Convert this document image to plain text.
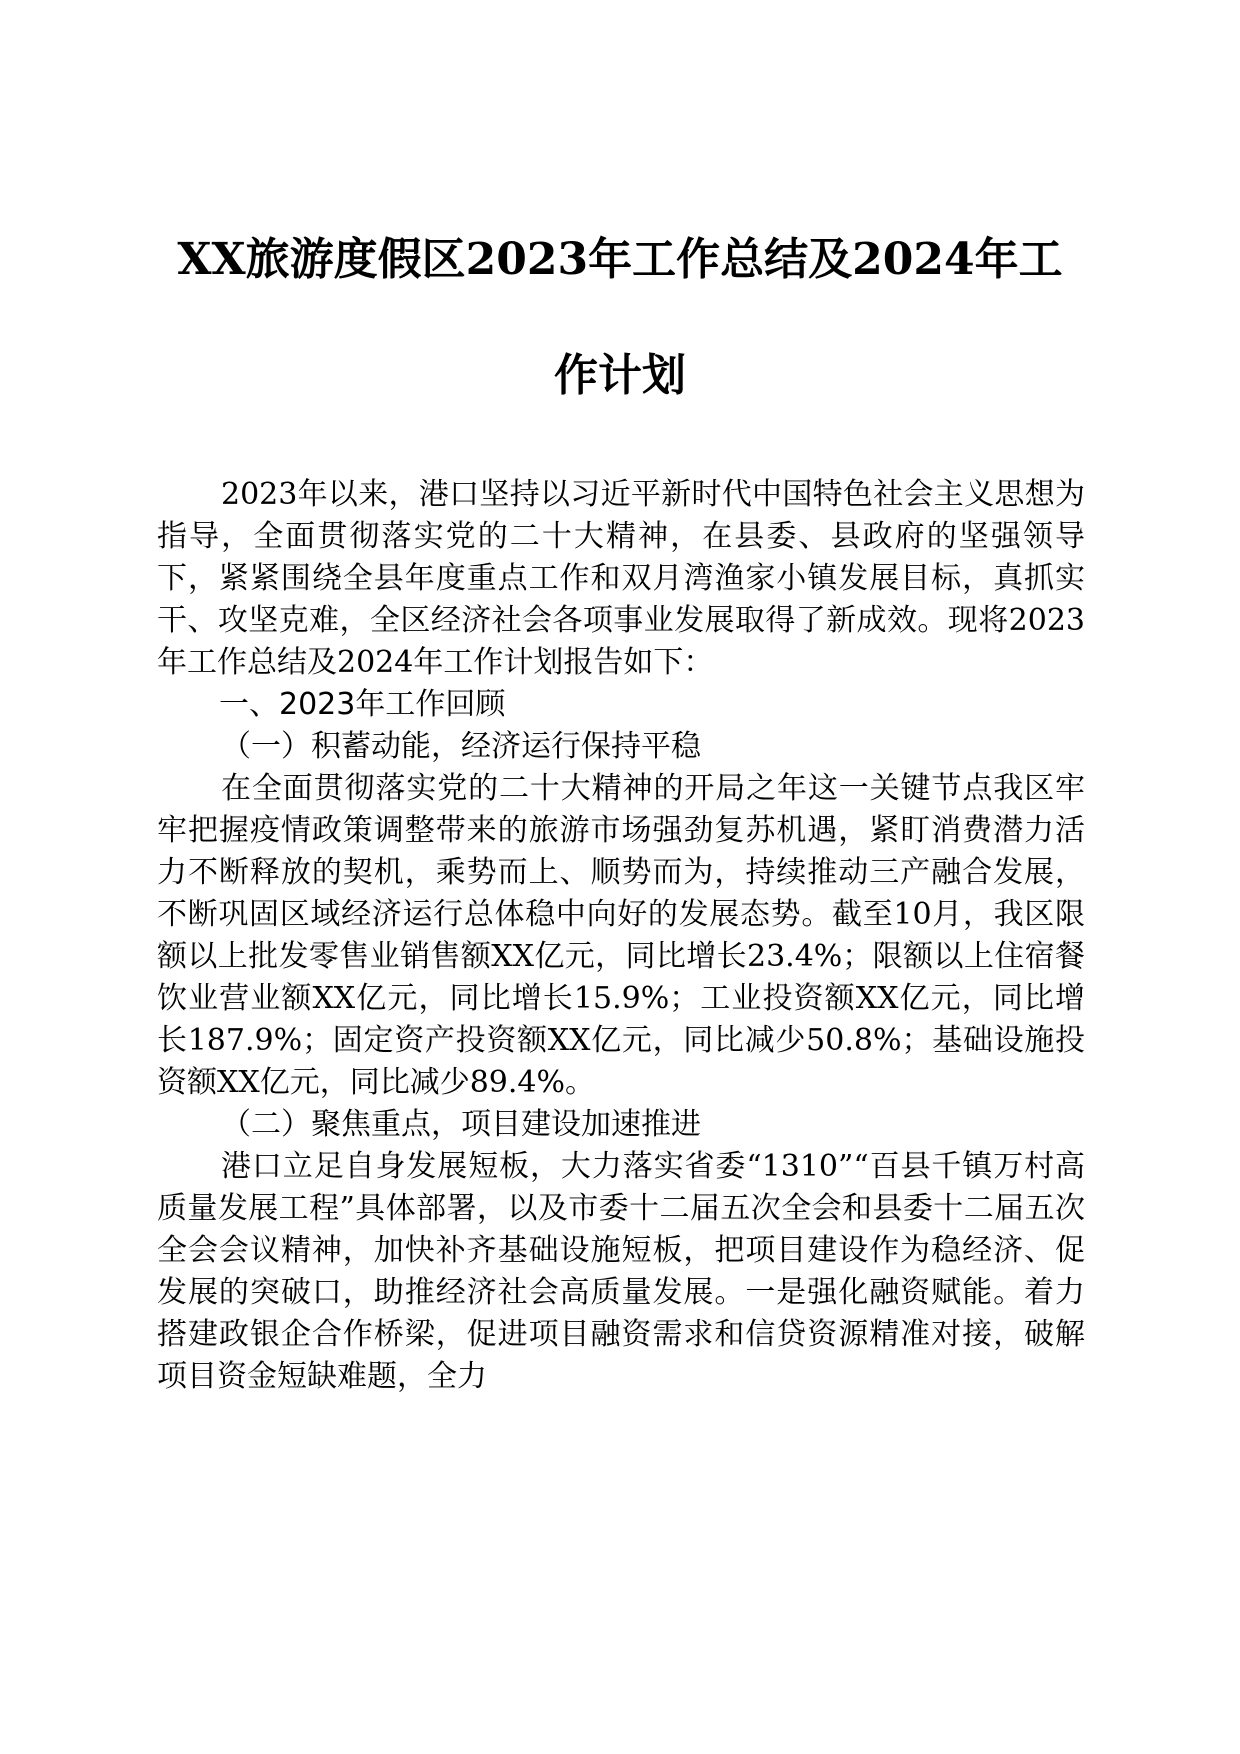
XX旅游度假区2023年工作总结及2024年工
作计划

2023年以来，港口坚持以习近平新时代中国特色社会主义思想为指导，全面贯彻落实党的二十大精神，在县委、县政府的坚强领导下，紧紧围绕全县年度重点工作和双月湾渔家小镇发展目标，真抓实干、攻坚克难，全区经济社会各项事业发展取得了新成效。现将2023年工作总结及2024年工作计划报告如下：

一、2023年工作回顾

（一）积蓄动能，经济运行保持平稳

在全面贯彻落实党的二十大精神的开局之年这一关键节点我区牢牢把握疫情政策调整带来的旅游市场强劲复苏机遇，紧盯消费潜力活力不断释放的契机，乘势而上、顺势而为，持续推动三产融合发展，不断巩固区域经济运行总体稳中向好的发展态势。截至10月，我区限额以上批发零售业销售额XX亿元，同比增长23.4%；限额以上住宿餐饮业营业额XX亿元，同比增长15.9%；工业投资额XX亿元，同比增长187.9%；固定资产投资额XX亿元，同比减少50.8%；基础设施投资额XX亿元，同比减少89.4%。

（二）聚焦重点，项目建设加速推进

港口立足自身发展短板，大力落实省委“1310”“百县千镇万村高质量发展工程”具体部署，以及市委十二届五次全会和县委十二届五次全会会议精神，加快补齐基础设施短板，把项目建设作为稳经济、促发展的突破口，助推经济社会高质量发展。一是强化融资赋能。着力搭建政银企合作桥梁，促进项目融资需求和信贷资源精准对接，破解项目资金短缺难题，全力
